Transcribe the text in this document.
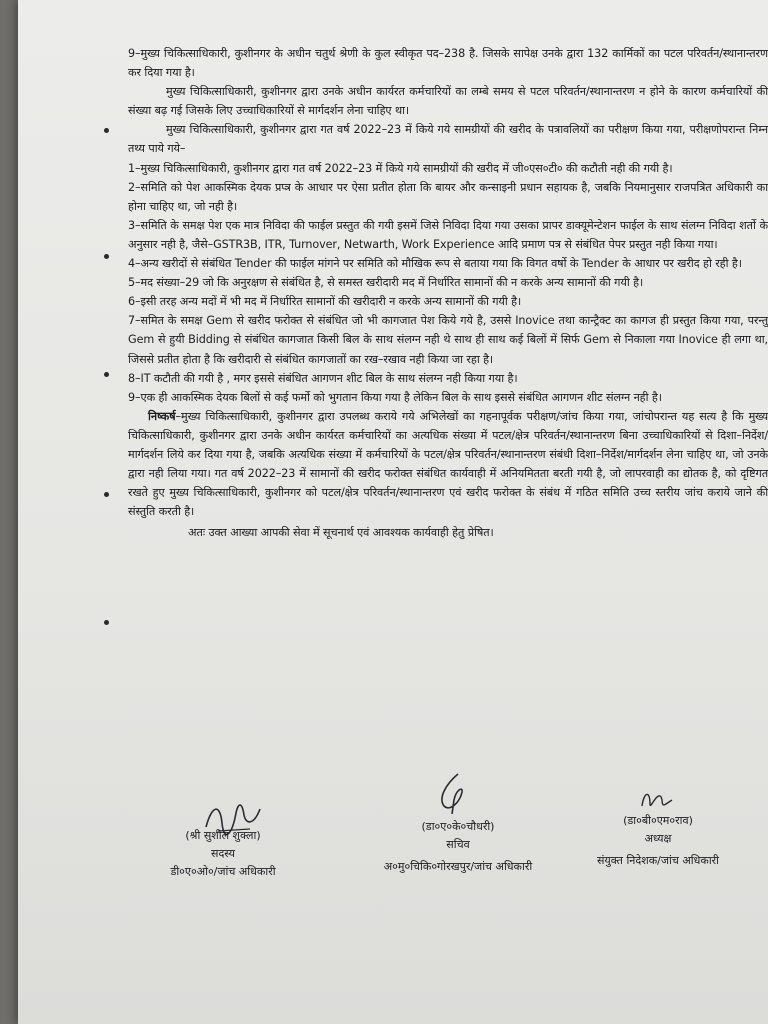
9–मुख्य चिकित्साधिकारी, कुशीनगर के अधीन चतुर्थ श्रेणी के कुल स्वीकृत पद–238 है. जिसके सापेक्ष उनके द्वारा 132 कार्मिकों का पटल परिवर्तन/स्थानान्तरण कर दिया गया है।

मुख्य चिकित्साधिकारी, कुशीनगर द्वारा उनके अधीन कार्यरत कर्मचारियों का लम्बे समय से पटल परिवर्तन/स्थानान्तरण न होने के कारण कर्मचारियों की संख्या बढ़ गई जिसके लिए उच्चाधिकारियों से मार्गदर्शन लेना चाहिए था।

मुख्य चिकित्साधिकारी, कुशीनगर द्वारा गत वर्ष 2022–23 में किये गये सामग्रीयों की खरीद के पत्रावलियों का परीक्षण किया गया, परीक्षणोपरान्त निम्न तथ्य पाये गये–

1–मुख्य चिकित्साधिकारी, कुशीनगर द्वारा गत वर्ष 2022–23 में किये गये सामग्रीयों की खरीद में जी०एस०टी० की कटौती नही की गयी है।

2–समिति को पेश आकस्मिक देयक प्रप्त्र के आधार पर ऐसा प्रतीत होता कि बायर और कन्साइनी प्रधान सहायक है, जबकि नियमानुसार राजपत्रित अधिकारी का होना चाहिए था, जो नही है।

3–समिति के समक्ष पेश एक मात्र निविदा की फाईल प्रस्तुत की गयी इसमें जिसे निविदा दिया गया उसका प्रापर डाक्यूमेन्टेशन फाईल के साथ संलग्न निविदा शर्तो के अनुसार नही है, जैसे–GSTR3B, ITR, Turnover, Netwarth, Work Experience आदि प्रमाण पत्र से संबंधित पेपर प्रस्तुत नही किया गया।

4–अन्य खरीदों से संबंधित Tender की फाईल मांगने पर समिति को मौखिक रूप से बताया गया कि विगत वर्षो के Tender के आधार पर खरीद हो रही है।

5–मद संख्या–29 जो कि अनुरक्षण से संबंधित है, से समस्त खरीदारी मद में निर्धारित सामानों की न करके अन्य सामानों की गयी है।

6–इसी तरह अन्य मदों में भी मद में निर्धारित सामानों की खरीदारी न करके अन्य सामानों की गयी है।

7–समित के समक्ष Gem से खरीद फरोक्त से संबंधित जो भी कागजात पेश किये गये है, उससे Inovice तथा कान्ट्रैक्ट का कागज ही प्रस्तुत किया गया, परन्तु Gem से हुयी Bidding से संबंधित कागजात किसी बिल के साथ संलग्न नही थे साथ ही साथ कई बिलों में सिर्फ Gem से निकाला गया Inovice ही लगा था, जिससे प्रतीत होता है कि खरीदारी से संबंधित कागजातों का रख–रखाव नही किया जा रहा है।

8–IT कटौती की गयी है , मगर इससे संबंधित आगणन शीट बिल के साथ संलग्न नही किया गया है।

9–एक ही आकस्मिक देयक बिलों से कई फर्मो को भुगतान किया गया है लेकिन बिल के साथ इससे संबंधित आगणन शीट संलग्न नही है।

निष्कर्ष–मुख्य चिकित्साधिकारी, कुशीनगर द्वारा उपलब्ध कराये गये अभिलेखों का गहनापूर्वक परीक्षण/जांच किया गया, जांचोपरान्त यह सत्य है कि मुख्य चिकित्साधिकारी, कुशीनगर द्वारा उनके अधीन कार्यरत कर्मचारियों का अत्यधिक संख्या में पटल/क्षेत्र परिवर्तन/स्थानान्तरण बिना उच्चाधिकारियों से दिशा–निर्देश/मार्गदर्शन लिये कर दिया गया है, जबकि अत्यधिक संख्या में कर्मचारियों के पटल/क्षेत्र परिवर्तन/स्थानान्तरण संबंधी दिशा–निर्देश/मार्गदर्शन लेना चाहिए था, जो उनके द्वारा नही लिया गया। गत वर्ष 2022–23 में सामानों की खरीद फरोक्त संबंधित कार्यवाही में अनियमितता बरती गयी है, जो लापरवाही का द्योतक है, को दृष्टिगत रखते हुए मुख्य चिकित्साधिकारी, कुशीनगर को पटल/क्षेत्र परिवर्तन/स्थानान्तरण एवं खरीद फरोक्त के संबंध में गठित समिति उच्च स्तरीय जांच कराये जाने की संस्तुति करती है।

अतः उक्त आख्या आपकी सेवा में सूचनार्थ एवं आवश्यक कार्यवाही हेतु प्रेषित।

(श्री सुशील शुक्ला)
सदस्य
डी०ए०ओ०/जांच अधिकारी
(डा०ए०के०चौधरी)
सचिव
अ०मु०चिकि०गोरखपुर/जांच अधिकारी
(डा०बी०एम०राव)
अध्यक्ष
संयुक्त निदेशक/जांच अधिकारी
